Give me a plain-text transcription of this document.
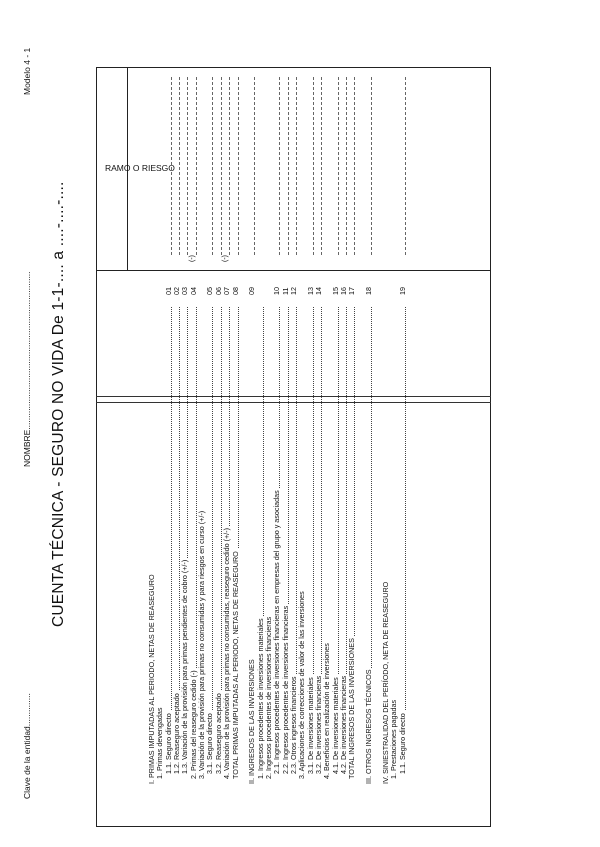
Clave de la entidad..............
NOMBRE...................................................................
Modelo 4 - 1
CUENTA TÉCNICA - SEGURO NO VIDA De 1-1-.... a ....-....-....
RAMO O RIESGO
I. PRIMAS IMPUTADAS AL PERIODO, NETAS DE REASEGURO 1. Primas devengadas 1.1. Seguro directo
01
1.2. Reaseguro aceptado
02
1.3. Variación de la provisión para primas pendientes de cobro (+/-)
03
2. Primas del reaseguro cedido (-)
04
3. Variación de la provisión para primas no consumidas y para riesgos en curso (+/-) 3.1. Seguro directo
05
3.2. Reaseguro aceptado
06
4. Variación de la provisión para primas no consumidas, reaseguro cedido (+/-)
07
TOTAL PRIMAS IMPUTADAS AL PERIODO, NETAS DE REASEGURO
08
II. INGRESOS DE LAS INVERSIONES
09
1. Ingresos procedentes de inversiones materiales 2. Ingresos procedentes de inversiones financieras 2.1. Ingresos procedentes de inversiones financieras en empresas del grupo y asociadas
10
2.2. Ingresos procedentes de inversiones financieras
11
2.3. Otros ingresos financieros
12
3. Aplicaciones de correcciones de valor de las inversiones 3.1. De inversiones materiales
13
3.2. De inversiones financieras
14
4. Beneficios en realización de inversiones 4.1. De inversiones materiales
15
4.2. De inversiones financieras
16
TOTAL INGRESOS DE LAS INVERSIONES
17
III. OTROS INGRESOS TÉCNICOS
18
IV. SINIESTRALIDAD DEL PERÍODO, NETA DE REASEGURO 1. Prestaciones pagadas 1.1. Seguro directo
19
(-)	(-)
